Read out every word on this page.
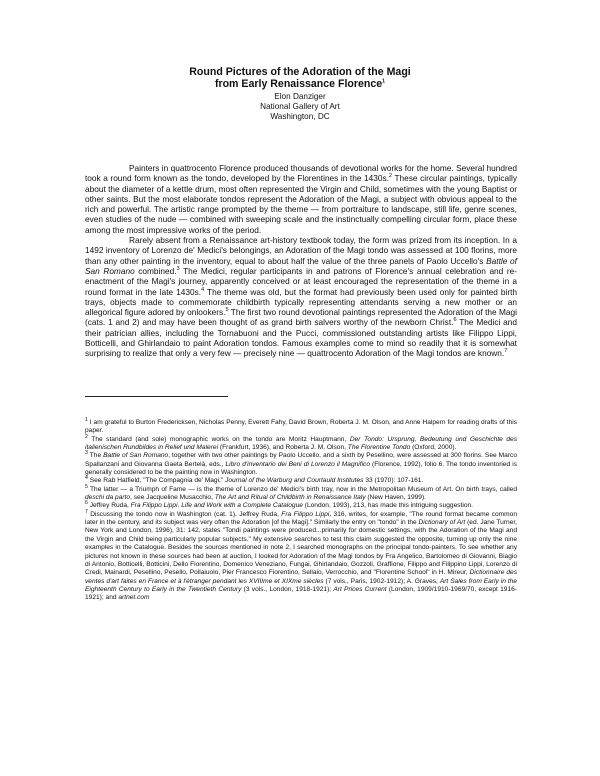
Round Pictures of the Adoration of the Magi
from Early Renaissance Florence$^1$
Elon Danziger
National Gallery of Art
Washington, DC

Painters in quattrocento Florence produced thousands of devotional works for the home. Several hundred took a round form known as the tondo, developed by the Florentines in the 1430s.$^2$ These circular paintings, typically about the diameter of a kettle drum, most often represented the Virgin and Child, sometimes with the young Baptist or other saints. But the most elaborate tondos represent the Adoration of the Magi, a subject with obvious appeal to the rich and powerful. The artistic range prompted by the theme — from portraiture to landscape, still life, genre scenes, even studies of the nude — combined with sweeping scale and the instinctually compelling circular form, place these among the most impressive works of the period.

Rarely absent from a Renaissance art-history textbook today, the form was prized from its inception. In a 1492 inventory of Lorenzo de' Medici's belongings, an Adoration of the Magi tondo was assessed at 100 florins, more than any other painting in the inventory, equal to about half the value of the three panels of Paolo Uccello's Battle of San Romano combined.$^3$ The Medici, regular participants in and patrons of Florence's annual celebration and re-enactment of the Magi's journey, apparently conceived or at least encouraged the representation of the theme in a round format in the late 1430s.$^4$ The theme was old, but the format had previously been used only for painted birth trays, objects made to commemorate childbirth typically representing attendants serving a new mother or an allegorical figure adored by onlookers.$^5$ The first two round devotional paintings represented the Adoration of the Magi (cats. 1 and 2) and may have been thought of as grand birth salvers worthy of the newborn Christ.$^6$ The Medici and their patrician allies, including the Tornabuoni and the Pucci, commissioned outstanding artists like Filippo Lippi, Botticelli, and Ghirlandaio to paint Adoration tondos. Famous examples come to mind so readily that it is somewhat surprising to realize that only a very few — precisely nine — quattrocento Adoration of the Magi tondos are known.$^7$

$^1$ I am grateful to Burton Fredericksen, Nicholas Penny, Everett Fahy, David Brown, Roberta J. M. Olson, and Anne Halpern for reading drafts of this paper.

$^2$ The standard (and sole) monographic works on the tondo are Moritz Hauptmann, Der Tondo: Ursprung, Bedeutung und Geschichte des italienischen Rundbildes in Relief und Malerei (Frankfurt, 1936), and Roberta J. M. Olson, The Florentine Tondo (Oxford, 2000).

$^3$ The Battle of San Romano, together with two other paintings by Paolo Uccello, and a sixth by Pesellino, were assessed at 300 florins. See Marco Spallanzani and Giovanna Gaeta Bertelà, eds., Libro d'inventario dei Beni di Lorenzo il Magnifico (Florence, 1992), folio 6. The tondo inventoried is generally considered to be the painting now in Washington.

$^4$ See Rab Hatfield, "The Compagnia de' Magi," Journal of the Warburg and Courtauld Institutes 33 (1970): 107-161.

$^5$ The latter — a Triumph of Fame — is the theme of Lorenzo de' Medici's birth tray, now in the Metropolitan Museum of Art. On birth trays, called deschi da parto, see Jacqueline Musacchio, The Art and Ritual of Childbirth in Renaissance Italy (New Haven, 1999).

$^6$ Jeffrey Ruda, Fra Filippo Lippi. Life and Work with a Complete Catalogue (London, 1993), 213, has made this intriguing suggestion.

$^7$ Discussing the tondo now in Washington (cat. 1), Jeffrey Ruda, Fra Filippo Lippi, 316, writes, for example, "The round format became common later in the century, and its subject was very often the Adoration [of the Magi]." Similarly the entry on "tondo" in the Dictionary of Art (ed. Jane Turner, New York and London, 1996), 31: 142, states "Tondi paintings were produced...primarily for domestic settings, with the Adoration of the Magi and the Virgin and Child being particularly popular subjects." My extensive searches to test this claim suggested the opposite, turning up only the nine examples in the Catalogue. Besides the sources mentioned in note 2, I searched monographs on the principal tondo-painters. To see whether any pictures not known in these sources had been at auction, I looked for Adoration of the Magi tondos by Fra Angelico, Bartolomeo di Giovanni, Biagio di Antonio, Botticelli, Botticini, Dello Fiorentino, Domenico Veneziano, Fungai, Ghirlandaio, Gozzoli, Graffione, Filippo and Filippino Lippi, Lorenzo di Credi, Mainardi, Pesellino, Pesello, Pollaiuolo, Pier Francesco Fiorentino, Sellaio, Verrocchio, and "Florentine School" in H. Mireur, Dictionnaire des ventes d'art faites en France et à l'étranger pendant les XVIIIme et XIXme siècles (7 vols., Paris, 1902-1912); A. Graves, Art Sales from Early in the Eighteenth Century to Early in the Twentieth Century (3 vols., London, 1918-1921); Art Prices Current (London, 1909/1910-1969/70, except 1916-1921); and artnet.com
